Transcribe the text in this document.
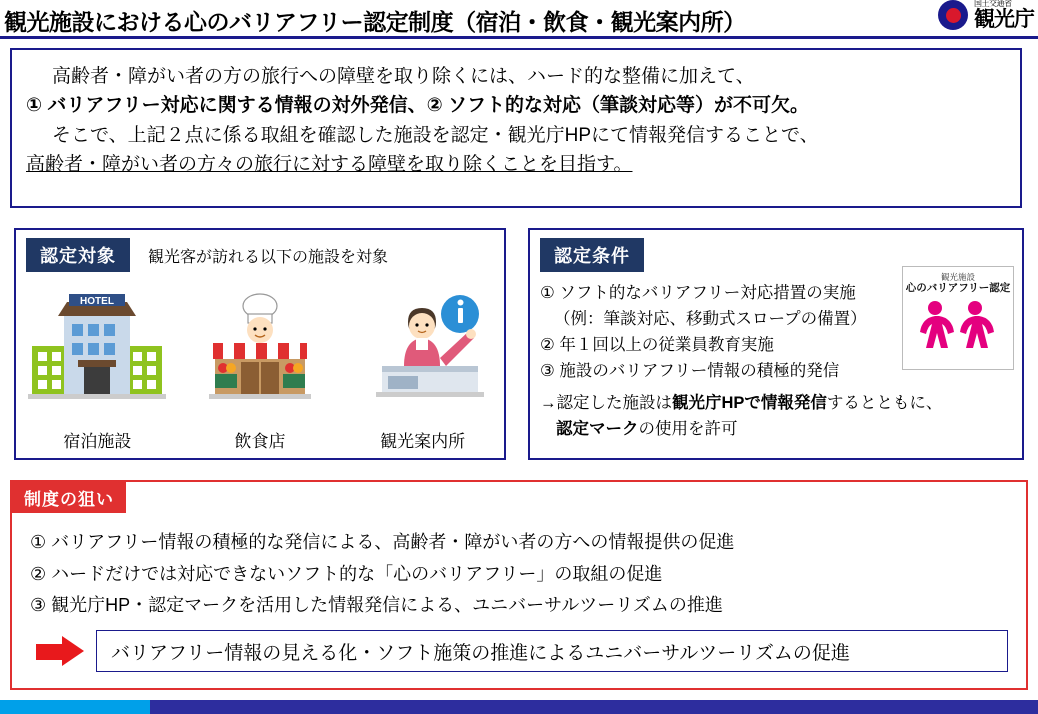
観光施設における心のバリアフリー認定制度（宿泊・飲食・観光案内所）
国土交通省
観光庁
高齢者・障がい者の方の旅行への障壁を取り除くには、ハード的な整備に加えて、
① バリアフリー対応に関する情報の対外発信、② ソフト的な対応（筆談対応等）が不可欠。
そこで、上記２点に係る取組を確認した施設を認定・観光庁HPにて情報発信することで、
高齢者・障がい者の方々の旅行に対する障壁を取り除くことを目指す。
認定対象	観光客が訪れる以下の施設を対象
HOTEL
宿泊施設	飲食店	観光案内所
認定条件
観光施設
心のバリアフリー認定
① ソフト的なバリアフリー対応措置の実施
（例：筆談対応、移動式スロープの備置）
② 年１回以上の従業員教育実施
③ 施設のバリアフリー情報の積極的発信
→認定した施設は観光庁HPで情報発信するとともに、
認定マークの使用を許可
制度の狙い
① バリアフリー情報の積極的な発信による、高齢者・障がい者の方への情報提供の促進
② ハードだけでは対応できないソフト的な「心のバリアフリー」の取組の促進
③ 観光庁HP・認定マークを活用した情報発信による、ユニバーサルツーリズムの推進
バリアフリー情報の見える化・ソフト施策の推進によるユニバーサルツーリズムの促進
